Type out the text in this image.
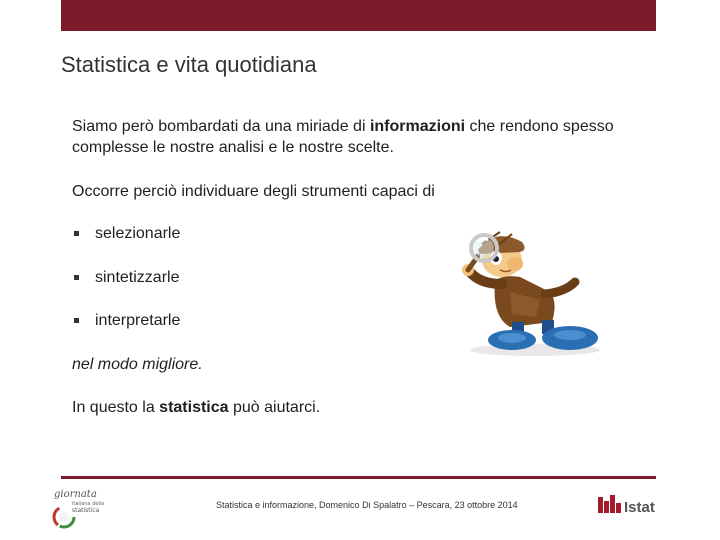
Statistica e vita quotidiana
Siamo però bombardati da una miriade di informazioni che rendono spesso complesse le nostre analisi e le nostre scelte.
Occorre perciò individuare degli strumenti capaci di
selezionarle
sintetizzarle
interpretarle
nel modo migliore.
In questo la statistica può aiutarci.
giornata
italiana della
statistica
Statistica e informazione, Domenico Di Spalatro – Pescara, 23 ottobre 2014	Istat
